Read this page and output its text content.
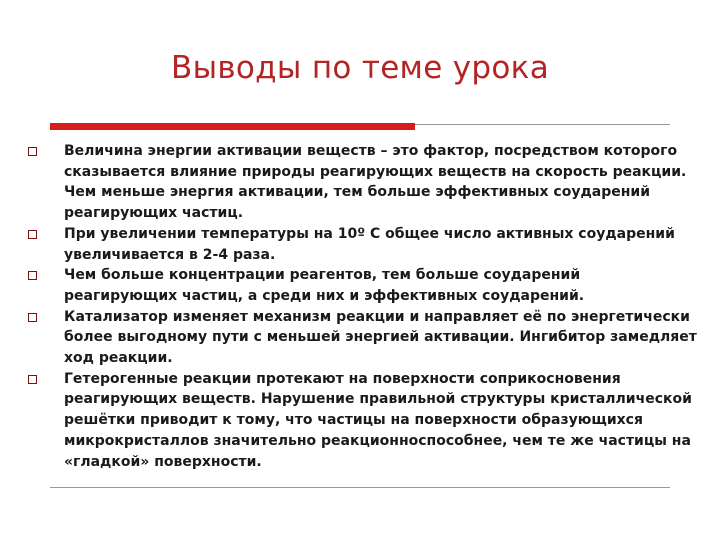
Выводы по теме урока
Величина энергии активации веществ – это фактор, посредством которого сказывается влияние природы реагирующих веществ на скорость реакции. Чем меньше энергия активации, тем больше эффективных соударений реагирующих частиц.
При увеличении температуры на 10º С общее число активных соударений увеличивается в 2-4 раза.
Чем больше концентрации реагентов, тем больше соударений реагирующих частиц, а среди них и эффективных соударений.
Катализатор изменяет механизм реакции и направляет её по энергетически более выгодному пути с меньшей энергией активации. Ингибитор замедляет ход реакции.
Гетерогенные реакции протекают на поверхности соприкосновения реагирующих веществ. Нарушение правильной структуры кристаллической решётки приводит к тому, что частицы на поверхности образующихся микрокристаллов значительно реакционноспособнее, чем те же частицы на «гладкой» поверхности.
